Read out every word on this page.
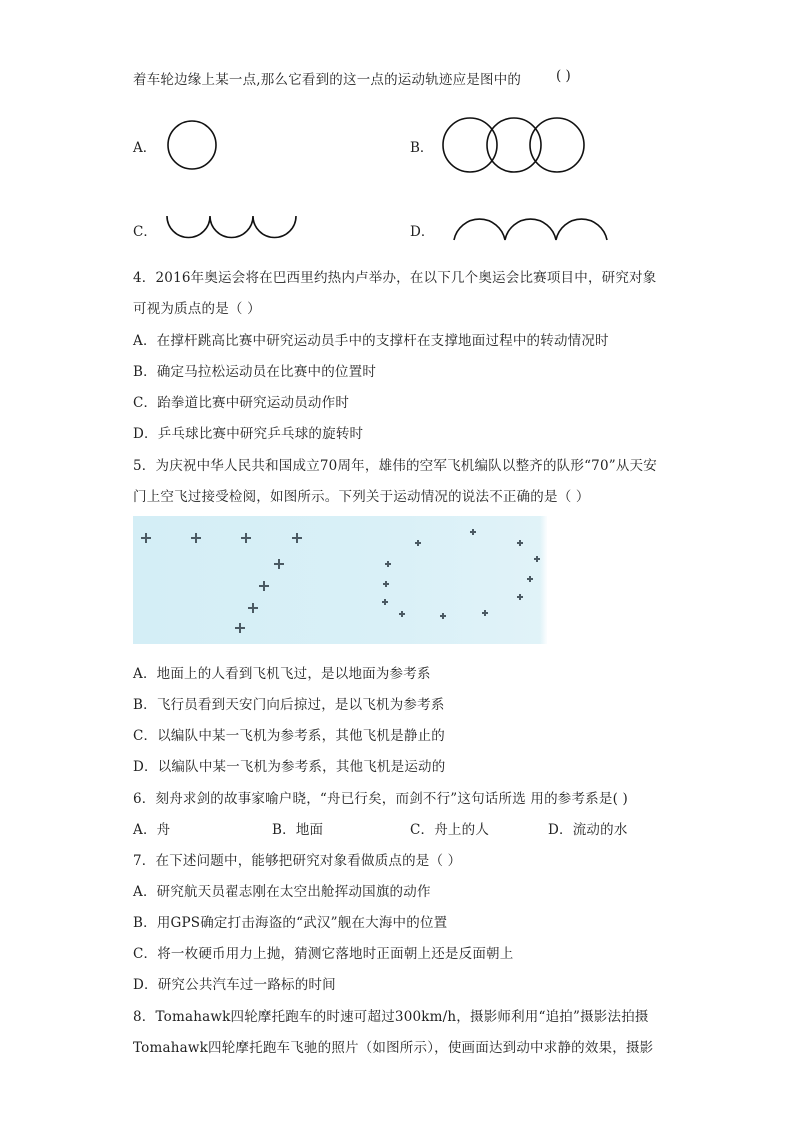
着车轮边缘上某一点,那么它看到的这一点的运动轨迹应是图中的	( )
A．	B．
C．	D．
4．2016年奥运会将在巴西里约热内卢举办，在以下几个奥运会比赛项目中，研究对象
可视为质点的是（ ）
A．在撑杆跳高比赛中研究运动员手中的支撑杆在支撑地面过程中的转动情况时
B．确定马拉松运动员在比赛中的位置时
C．跆拳道比赛中研究运动员动作时
D．乒乓球比赛中研究乒乓球的旋转时
5．为庆祝中华人民共和国成立70周年，雄伟的空军飞机编队以整齐的队形“70”从天安
门上空飞过接受检阅，如图所示。下列关于运动情况的说法不正确的是（ ）
A．地面上的人看到飞机飞过，是以地面为参考系
B．飞行员看到天安门向后掠过，是以飞机为参考系
C．以编队中某一飞机为参考系，其他飞机是静止的
D．以编队中某一飞机为参考系，其他飞机是运动的
6．刻舟求剑的故事家喻户晓，“舟已行矣，而剑不行”这句话所选 用的参考系是( )
A．舟	B．地面	C．舟上的人	D．流动的水
7．在下述问题中，能够把研究对象看做质点的是（ ）
A．研究航天员翟志刚在太空出舱挥动国旗的动作
B．用GPS确定打击海盗的“武汉”舰在大海中的位置
C．将一枚硬币用力上抛，猜测它落地时正面朝上还是反面朝上
D．研究公共汽车过一路标的时间
8．Tomahawk四轮摩托跑车的时速可超过300km/h，摄影师利用“追拍”摄影法拍摄
Tomahawk四轮摩托跑车飞驰的照片（如图所示），使画面达到动中求静的效果，摄影
